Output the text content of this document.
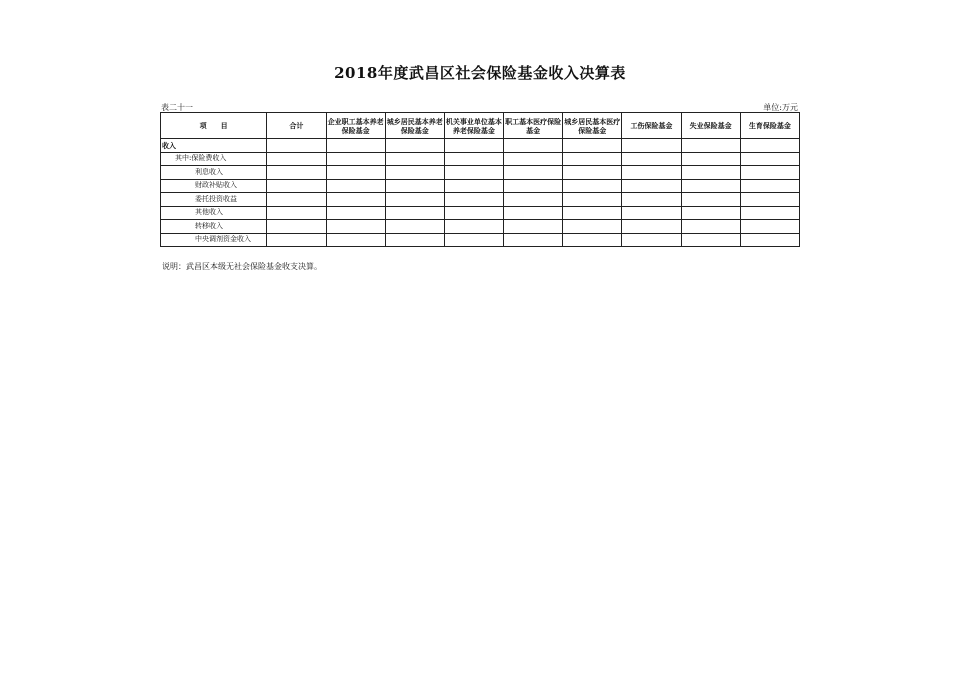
2018年度武昌区社会保险基金收入决算表
表二十一	单位:万元
项　　目	合计	企业职工基本养老保险基金	城乡居民基本养老保险基金	机关事业单位基本养老保险基金	职工基本医疗保险基金	城乡居民基本医疗保险基金	工伤保险基金	失业保险基金	生育保险基金
收入									
其中:保险费收入									
利息收入									
财政补贴收入									
委托投资收益									
其他收入									
转移收入									
中央调剂资金收入									
说明：武昌区本级无社会保险基金收支决算。
